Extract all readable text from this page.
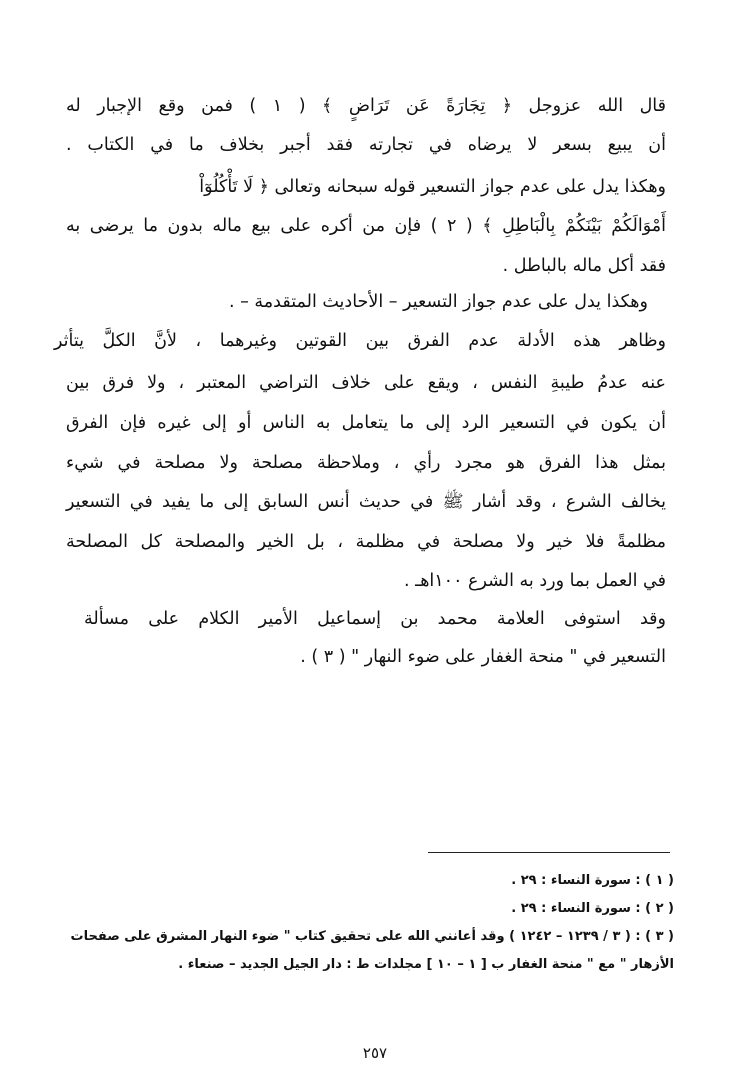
قال الله عزوجل ﴿ تِجَارَةً عَن تَرَاضٍ ﴾ ( ١ ) فمن وقع الإجبار له
أن يبيع بسعر لا يرضاه في تجارته فقد أجبر بخلاف ما في الكتاب .
وهكذا يدل على عدم جواز التسعير قوله سبحانه وتعالى ﴿ لَا تَأْكُلُوٓاْ
أَمْوَالَكُمْ بَيْنَكُمْ بِالْبَاطِلِ ﴾ ( ٢ ) فإن من أكره على بيع ماله بدون ما يرضى به
فقد أكل ماله بالباطل .
وهكذا يدل على عدم جواز التسعير – الأحاديث المتقدمة – .
وظاهر هذه الأدلة عدم الفرق بين القوتين وغيرهما ، لأنَّ الكلَّ يتأثر
عنه عدمُ طيبةِ النفس ، ويقع على خلاف التراضي المعتبر ، ولا فرق بين
أن يكون في التسعير الرد إلى ما يتعامل به الناس أو إلى غيره فإن الفرق
بمثل هذا الفرق هو مجرد رأي ، وملاحظة مصلحة ولا مصلحة في شيء
يخالف الشرع ، وقد أشار ﷺ في حديث أنس السابق إلى ما يفيد في التسعير
مظلمةً فلا خير ولا مصلحة في مظلمة ، بل الخير والمصلحة كل المصلحة
في العمل بما ورد به الشرع ١٠٠اهـ .
وقد استوفى العلامة محمد بن إسماعيل الأمير الكلام على مسألة
التسعير في " منحة الغفار على ضوء النهار " ( ٣ ) .
( ١ ) : سورة النساء : ٢٩ .
( ٢ ) : سورة النساء : ٢٩ .
( ٣ ) : ( ٣ / ١٢٣٩ – ١٢٤٢ ) وقد أعانني الله على تحقيق كتاب " ضوء النهار المشرق على صفحات
الأزهار " مع " منحة الغفار ب [ ١ – ١٠ ] مجلدات ط : دار الجيل الجديد – صنعاء .
٢٥٧
